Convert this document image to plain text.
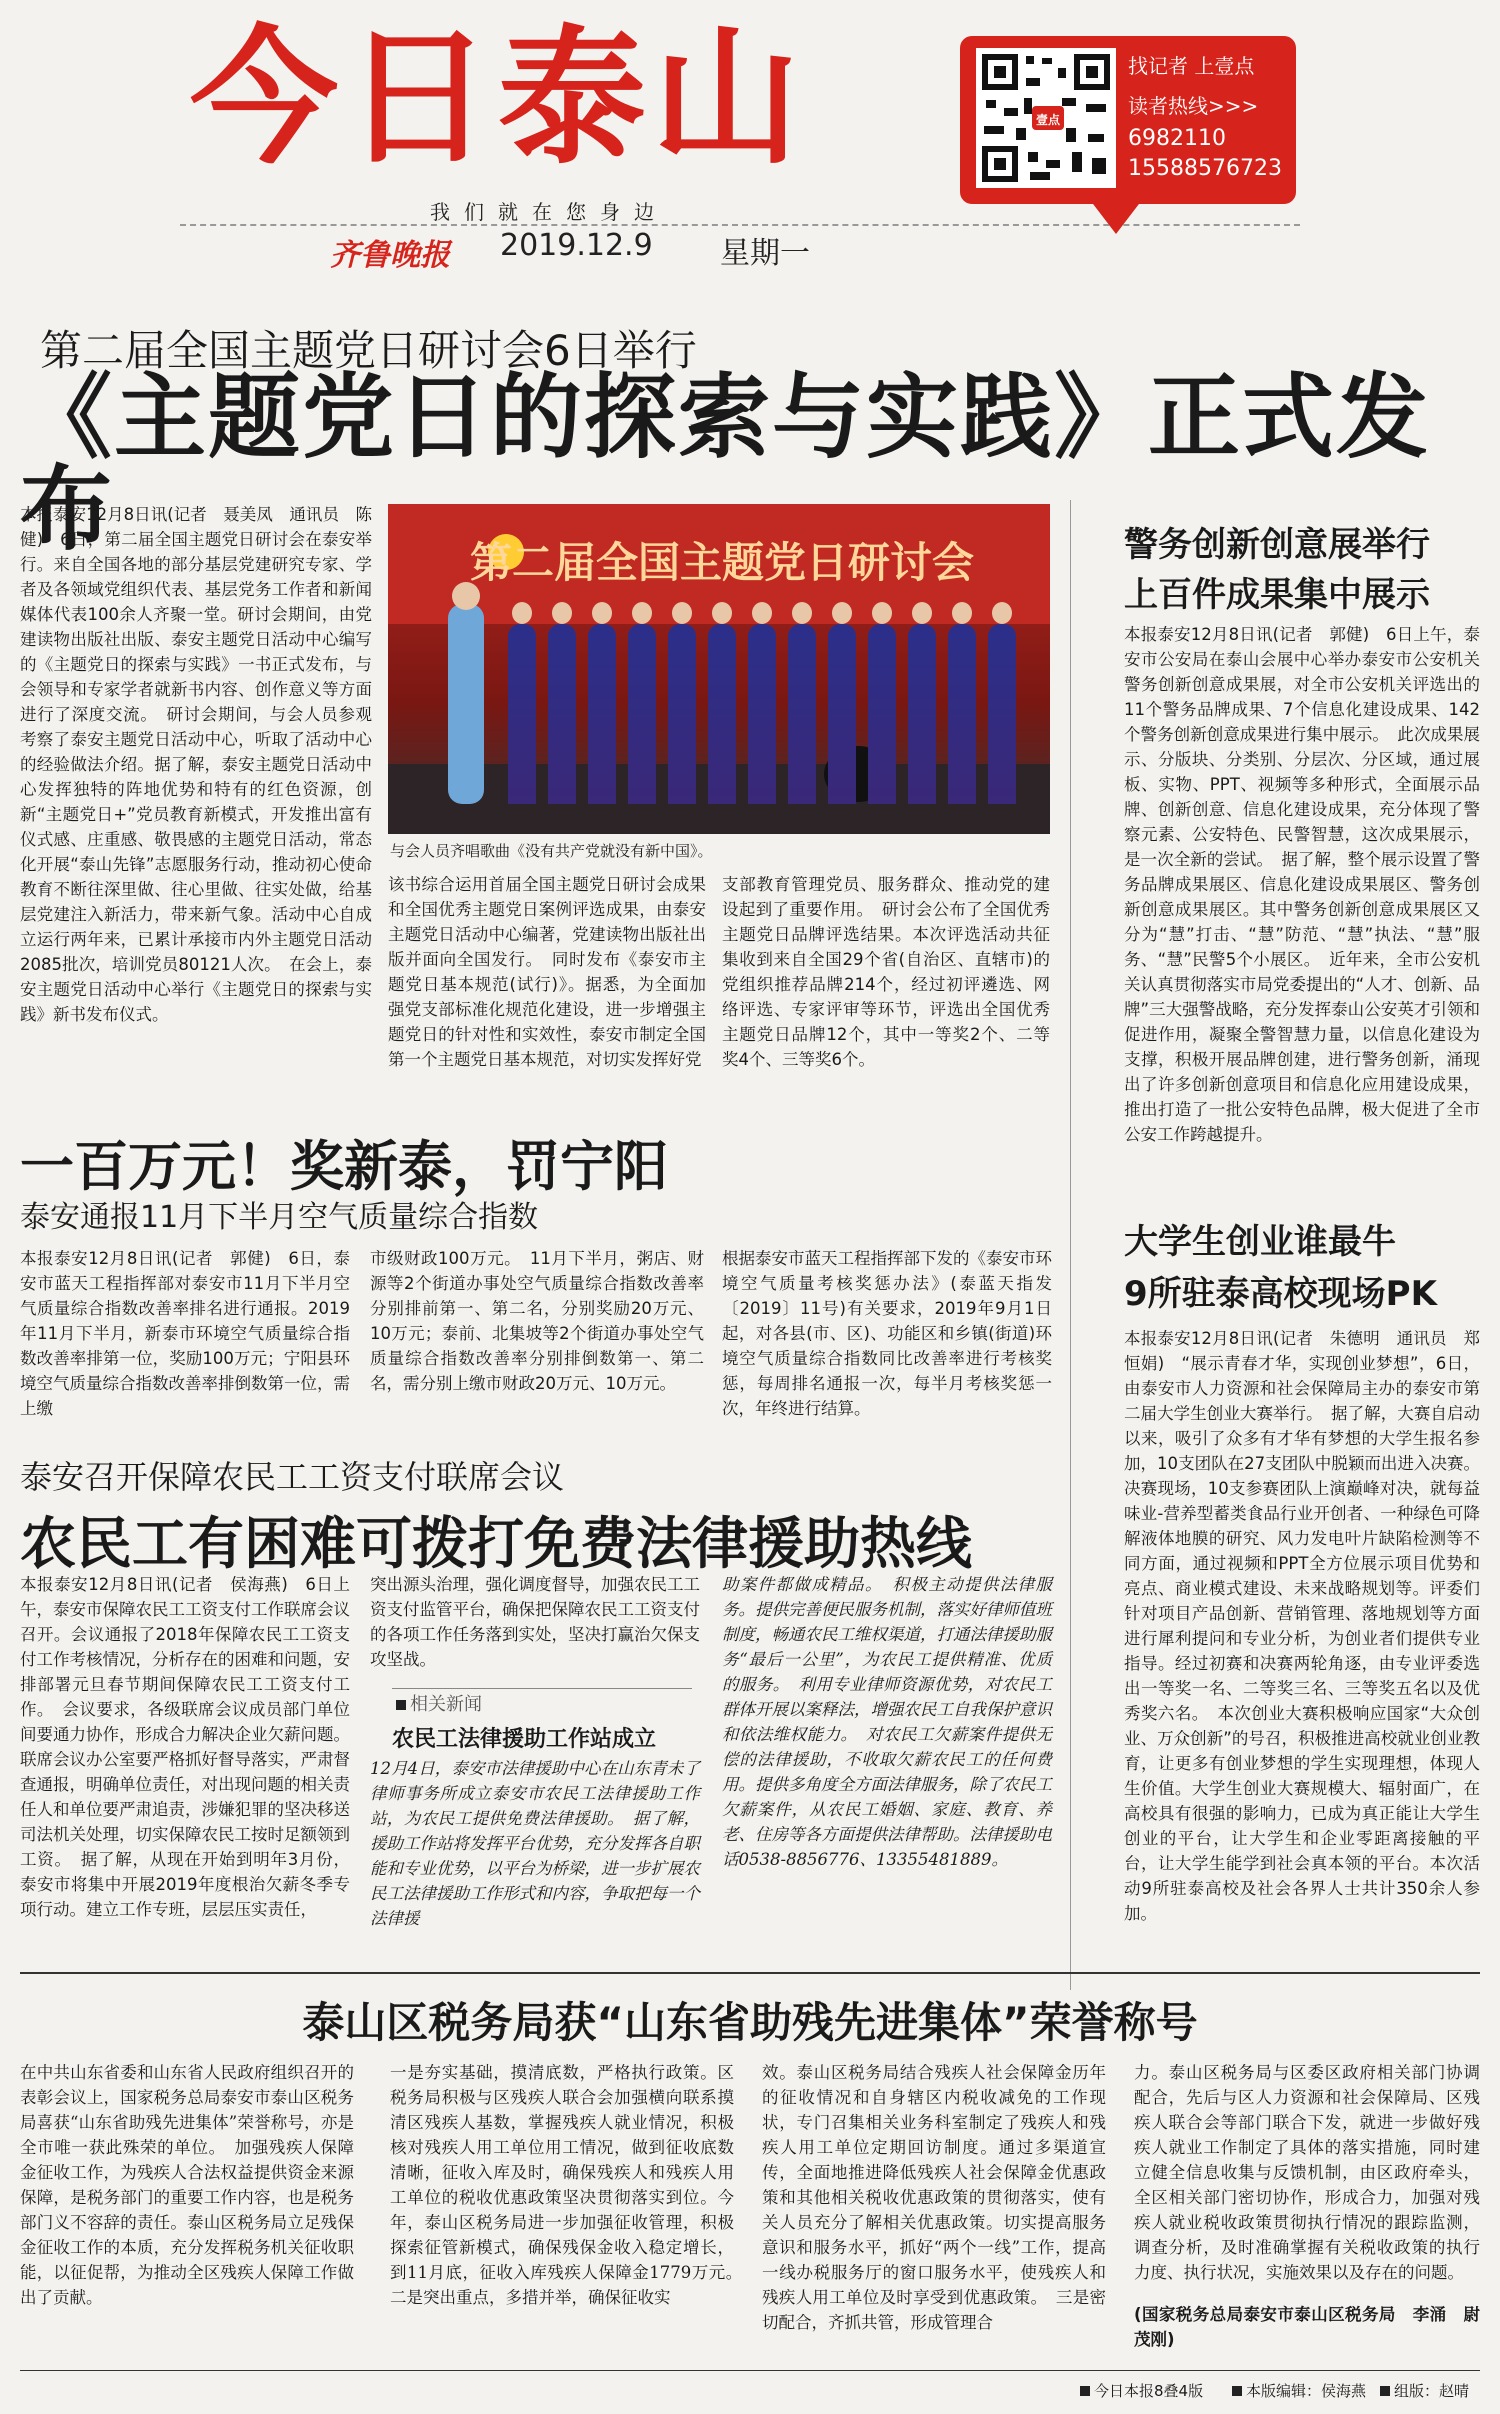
今日泰山
我们就在您身边
齐鲁晚报 2019.12.9 星期一
壹点
找记者 上壹点
读者热线>>>
6982110
15588576723
第二届全国主题党日研讨会6日举行
《主题党日的探索与实践》正式发布
本报泰安12月8日讯(记者　聂美凤　通讯员　陈健)　6日，第二届全国主题党日研讨会在泰安举行。来自全国各地的部分基层党建研究专家、学者及各领域党组织代表、基层党务工作者和新闻媒体代表100余人齐聚一堂。研讨会期间，由党建读物出版社出版、泰安主题党日活动中心编写的《主题党日的探索与实践》一书正式发布，与会领导和专家学者就新书内容、创作意义等方面进行了深度交流。　研讨会期间，与会人员参观考察了泰安主题党日活动中心，听取了活动中心的经验做法介绍。据了解，泰安主题党日活动中心发挥独特的阵地优势和特有的红色资源，创新“主题党日+”党员教育新模式，开发推出富有仪式感、庄重感、敬畏感的主题党日活动，常态化开展“泰山先锋”志愿服务行动，推动初心使命教育不断往深里做、往心里做、往实处做，给基层党建注入新活力，带来新气象。活动中心自成立运行两年来，已累计承接市内外主题党日活动2085批次，培训党员80121人次。　在会上，泰安主题党日活动中心举行《主题党日的探索与实践》新书发布仪式。
第二届全国主题党日研讨会
与会人员齐唱歌曲《没有共产党就没有新中国》。
该书综合运用首届全国主题党日研讨会成果和全国优秀主题党日案例评选成果，由泰安主题党日活动中心编著，党建读物出版社出版并面向全国发行。　同时发布《泰安市主题党日基本规范(试行)》。据悉，为全面加强党支部标准化规范化建设，进一步增强主题党日的针对性和实效性，泰安市制定全国第一个主题党日基本规范，对切实发挥好党
支部教育管理党员、服务群众、推动党的建设起到了重要作用。　研讨会公布了全国优秀主题党日品牌评选结果。本次评选活动共征集收到来自全国29个省(自治区、直辖市)的党组织推荐品牌214个，经过初评遴选、网络评选、专家评审等环节，评选出全国优秀主题党日品牌12个，其中一等奖2个、二等奖4个、三等奖6个。
警务创新创意展举行
上百件成果集中展示
本报泰安12月8日讯(记者　郭健)　6日上午，泰安市公安局在泰山会展中心举办泰安市公安机关警务创新创意成果展，对全市公安机关评选出的11个警务品牌成果、7个信息化建设成果、142个警务创新创意成果进行集中展示。　此次成果展示、分版块、分类别、分层次、分区域，通过展板、实物、PPT、视频等多种形式，全面展示品牌、创新创意、信息化建设成果，充分体现了警察元素、公安特色、民警智慧，这次成果展示，是一次全新的尝试。　据了解，整个展示设置了警务品牌成果展区、信息化建设成果展区、警务创新创意成果展区。其中警务创新创意成果展区又分为“慧”打击、“慧”防范、“慧”执法、“慧”服务、“慧”民警5个小展区。　近年来，全市公安机关认真贯彻落实市局党委提出的“人才、创新、品牌”三大强警战略，充分发挥泰山公安英才引领和促进作用，凝聚全警智慧力量，以信息化建设为支撑，积极开展品牌创建，进行警务创新，涌现出了许多创新创意项目和信息化应用建设成果，推出打造了一批公安特色品牌，极大促进了全市公安工作跨越提升。
一百万元！奖新泰，罚宁阳
泰安通报11月下半月空气质量综合指数
本报泰安12月8日讯(记者　郭健)　6日，泰安市蓝天工程指挥部对泰安市11月下半月空气质量综合指数改善率排名进行通报。2019年11月下半月，新泰市环境空气质量综合指数改善率排第一位，奖励100万元；宁阳县环境空气质量综合指数改善率排倒数第一位，需上缴
市级财政100万元。　11月下半月，粥店、财源等2个街道办事处空气质量综合指数改善率分别排前第一、第二名，分别奖励20万元、10万元；泰前、北集坡等2个街道办事处空气质量综合指数改善率分别排倒数第一、第二名，需分别上缴市财政20万元、10万元。
根据泰安市蓝天工程指挥部下发的《泰安市环境空气质量考核奖惩办法》(泰蓝天指发〔2019〕11号)有关要求，2019年9月1日起，对各县(市、区)、功能区和乡镇(街道)环境空气质量综合指数同比改善率进行考核奖惩，每周排名通报一次，每半月考核奖惩一次，年终进行结算。
大学生创业谁最牛
9所驻泰高校现场PK
本报泰安12月8日讯(记者　朱德明　通讯员　郑恒娟)　“展示青春才华，实现创业梦想”，6日，由泰安市人力资源和社会保障局主办的泰安市第二届大学生创业大赛举行。　据了解，大赛自启动以来，吸引了众多有才华有梦想的大学生报名参加，10支团队在27支团队中脱颖而出进入决赛。决赛现场，10支参赛团队上演巅峰对决，就每益味业-营养型蓄类食品行业开创者、一种绿色可降解液体地膜的研究、风力发电叶片缺陷检测等不同方面，通过视频和PPT全方位展示项目优势和亮点、商业模式建设、未来战略规划等。评委们针对项目产品创新、营销管理、落地规划等方面进行犀利提问和专业分析，为创业者们提供专业指导。经过初赛和决赛两轮角逐，由专业评委选出一等奖一名、二等奖三名、三等奖五名以及优秀奖六名。　本次创业大赛积极响应国家“大众创业、万众创新”的号召，积极推进高校就业创业教育，让更多有创业梦想的学生实现理想，体现人生价值。大学生创业大赛规模大、辐射面广，在高校具有很强的影响力，已成为真正能让大学生创业的平台，让大学生和企业零距离接触的平台，让大学生能学到社会真本领的平台。本次活动9所驻泰高校及社会各界人士共计350余人参加。
泰安召开保障农民工工资支付联席会议
农民工有困难可拨打免费法律援助热线
本报泰安12月8日讯(记者　侯海燕)　6日上午，泰安市保障农民工工资支付工作联席会议召开。会议通报了2018年保障农民工工资支付工作考核情况，分析存在的困难和问题，安排部署元旦春节期间保障农民工工资支付工作。　会议要求，各级联席会议成员部门单位间要通力协作，形成合力解决企业欠薪问题。联席会议办公室要严格抓好督导落实，严肃督查通报，明确单位责任，对出现问题的相关责任人和单位要严肃追责，涉嫌犯罪的坚决移送司法机关处理，切实保障农民工按时足额领到工资。　据了解，从现在开始到明年3月份，泰安市将集中开展2019年度根治欠薪冬季专项行动。建立工作专班，层层压实责任，
突出源头治理，强化调度督导，加强农民工工资支付监管平台，确保把保障农民工工资支付的各项工作任务落到实处，坚决打赢治欠保支攻坚战。
相关新闻
农民工法律援助工作站成立
12月4日，泰安市法律援助中心在山东青未了律师事务所成立泰安市农民工法律援助工作站，为农民工提供免费法律援助。　据了解，援助工作站将发挥平台优势，充分发挥各自职能和专业优势，以平台为桥梁，进一步扩展农民工法律援助工作形式和内容，争取把每一个法律援
助案件都做成精品。　积极主动提供法律服务。提供完善便民服务机制，落实好律师值班制度，畅通农民工维权渠道，打通法律援助服务“最后一公里”，为农民工提供精准、优质的服务。　利用专业律师资源优势，对农民工群体开展以案释法，增强农民工自我保护意识和依法维权能力。　对农民工欠薪案件提供无偿的法律援助，不收取欠薪农民工的任何费用。提供多角度全方面法律服务，除了农民工欠薪案件，从农民工婚姻、家庭、教育、养老、住房等各方面提供法律帮助。法律援助电话0538-8856776、13355481889。
泰山区税务局获“山东省助残先进集体”荣誉称号
在中共山东省委和山东省人民政府组织召开的表彰会议上，国家税务总局泰安市泰山区税务局喜获“山东省助残先进集体”荣誉称号，亦是全市唯一获此殊荣的单位。　加强残疾人保障金征收工作，为残疾人合法权益提供资金来源保障，是税务部门的重要工作内容，也是税务部门义不容辞的责任。泰山区税务局立足残保金征收工作的本质，充分发挥税务机关征收职能，以征促帮，为推动全区残疾人保障工作做出了贡献。
一是夯实基础，摸清底数，严格执行政策。区税务局积极与区残疾人联合会加强横向联系摸清区残疾人基数，掌握残疾人就业情况，积极核对残疾人用工单位用工情况，做到征收底数清晰，征收入库及时，确保残疾人和残疾人用工单位的税收优惠政策坚决贯彻落实到位。今年，泰山区税务局进一步加强征收管理，积极探索征管新模式，确保残保金收入稳定增长，到11月底，征收入库残疾人保障金1779万元。　二是突出重点，多措并举，确保征收实
效。泰山区税务局结合残疾人社会保障金历年的征收情况和自身辖区内税收减免的工作现状，专门召集相关业务科室制定了残疾人和残疾人用工单位定期回访制度。通过多渠道宣传，全面地推进降低残疾人社会保障金优惠政策和其他相关税收优惠政策的贯彻落实，使有关人员充分了解相关优惠政策。切实提高服务意识和服务水平，抓好“两个一线”工作，提高一线办税服务厅的窗口服务水平，使残疾人和残疾人用工单位及时享受到优惠政策。　三是密切配合，齐抓共管，形成管理合
力。泰山区税务局与区委区政府相关部门协调配合，先后与区人力资源和社会保障局、区残疾人联合会等部门联合下发，就进一步做好残疾人就业工作制定了具体的落实措施，同时建立健全信息收集与反馈机制，由区政府牵头，全区相关部门密切协作，形成合力，加强对残疾人就业税收政策贯彻执行情况的跟踪监测，调查分析，及时准确掌握有关税收政策的执行力度、执行状况，实施效果以及存在的问题。
(国家税务总局泰安市泰山区税务局　李涌　尉茂刚)
今日本报8叠4版	本版编辑：侯海燕	组版：赵晴
